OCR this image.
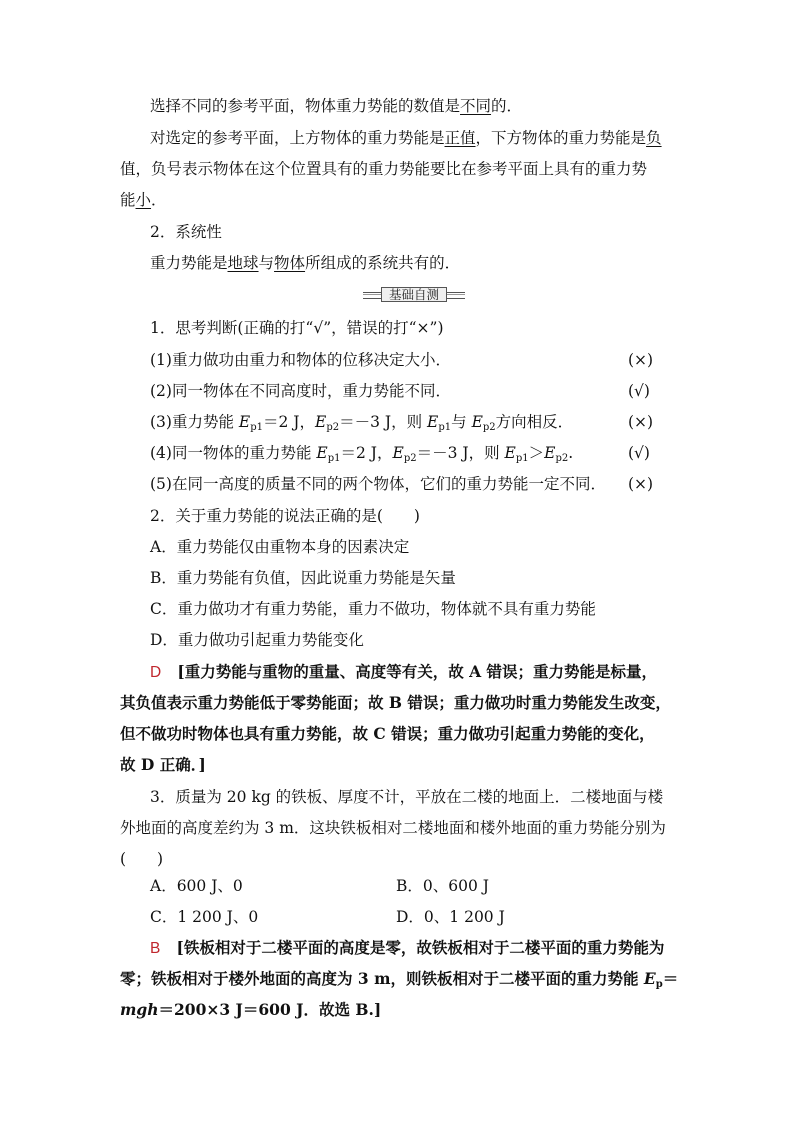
选择不同的参考平面，物体重力势能的数值是不同的．
对选定的参考平面，上方物体的重力势能是正值，下方物体的重力势能是负
值，负号表示物体在这个位置具有的重力势能要比在参考平面上具有的重力势
能小．
2．系统性
重力势能是地球与物体所组成的系统共有的．
基础自测
1．思考判断(正确的打“√”，错误的打“×”)
(1)重力做功由重力和物体的位移决定大小．	(×)
(2)同一物体在不同高度时，重力势能不同．	(√)
(3)重力势能 $E_{p1}=2$ J，$E_{p2}=-3$ J，则 $E_{p1}$与 $E_{p2}$方向相反．	(×)
(4)同一物体的重力势能 $E_{p1}=2$ J，$E_{p2}=-3$ J，则 $E_{p1}>E_{p2}$.	(√)
(5)在同一高度的质量不同的两个物体，它们的重力势能一定不同． (×)
2．关于重力势能的说法正确的是(　　)
A．重力势能仅由重物本身的因素决定
B．重力势能有负值，因此说重力势能是矢量
C．重力做功才有重力势能，重力不做功，物体就不具有重力势能
D．重力做功引起重力势能变化
D [重力势能与重物的重量、高度等有关，故 A 错误；重力势能是标量，
其负值表示重力势能低于零势能面；故 B 错误；重力做功时重力势能发生改变，
但不做功时物体也具有重力势能，故 C 错误；重力做功引起重力势能的变化，
故 D 正确．]
3．质量为 20 kg 的铁板、厚度不计，平放在二楼的地面上．二楼地面与楼
外地面的高度差约为 3 m．这块铁板相对二楼地面和楼外地面的重力势能分别为
(　　)
A．600 J、0	B．0、600 J
C．1 200 J、0	D．0、1 200 J
B [铁板相对于二楼平面的高度是零，故铁板相对于二楼平面的重力势能为
零；铁板相对于楼外地面的高度为 3 m，则铁板相对于二楼平面的重力势能 $E_p=$
mgh＝200×3 J＝600 J．故选 B.]
